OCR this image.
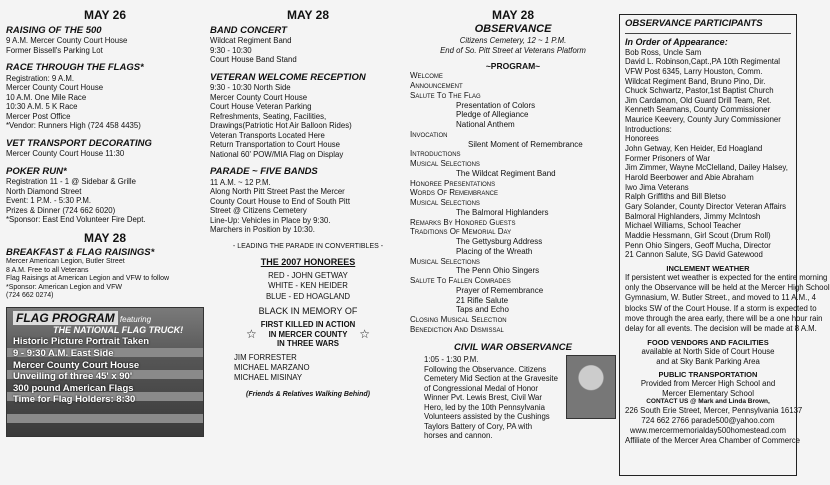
MAY 26
RAISING OF THE 500
9 A.M. Mercer County Court House
Former Bissell's Parking Lot
RACE THROUGH THE FLAGS*
Registration: 9 A.M.
Mercer County Court House
10 A.M. One Mile Race
10:30 A.M. 5 K Race
Mercer Post Office
*Vendor: Runners High (724 458 4435)
VET TRANSPORT DECORATING
Mercer County Court House 11:30
POKER RUN*
Registration 11 - 1 @ Sidebar & Grille
North Diamond Street
Event: 1 P.M. - 5:30 P.M.
Prizes & Dinner (724 662 6020)
*Sponsor: East End Volunteer Fire Dept.
MAY 28
BREAKFAST & FLAG RAISINGS*
Mercer American Legion, Butler Street
8 A.M. Free to all Veterans
Flag Raisings at American Legion and VFW to follow
*Sponsor: American Legion and VFW
(724 662 0274)
FLAG PROGRAM featuring
THE NATIONAL FLAG TRUCK!
Historic Picture Portrait Taken
9 - 9:30 A.M. East Side
Mercer County Court House
Unveiling of three 45' x 90'
300 pound American Flags
Time for Flag Holders: 8:30
MAY 28
BAND CONCERT
Wildcat Regiment Band
9:30 - 10:30
Court House Band Stand
VETERAN WELCOME RECEPTION
9:30 - 10:30 North Side
Mercer County Court House
Court House Veteran Parking
Refreshments, Seating, Facilities,
Drawings(Patriotic Hot Air Balloon Rides)
Veteran Transports Located Here
Return Transportation to Court House
National 60' POW/MIA Flag on Display
PARADE ~ FIVE BANDS
11 A.M. ~ 12 P.M.
Along North Pitt Street Past the Mercer
County Court House to End of South Pitt
Street @ Citizens Cemetery
Line-Up: Vehicles in Place by 9:30.
Marchers in Position by 10:30.
- LEADING THE PARADE IN CONVERTIBLES -
THE 2007 HONOREES
RED - JOHN GETWAY
WHITE - KEN HEIDER
BLUE - ED HOAGLAND
BLACK IN MEMORY OF
☆
FIRST KILLED IN ACTION
IN MERCER COUNTY
IN THREE WARS
☆
JIM FORRESTER
MICHAEL MARZANO
MICHAEL MISINAY
(Friends & Relatives Walking Behind)
MAY 28
OBSERVANCE
Citizens Cemetery, 12 ~ 1 P.M.
End of So. Pitt Street at Veterans Platform
~PROGRAM~
Welcome
Announcement
Salute To The Flag
Presentation of Colors
Pledge of Allegiance
National Anthem
Invocation
Silent Moment of Remembrance
Introductions
Musical Selections
The Wildcat Regiment Band
Honoree Presentations
Words Of Remembrance
Musical Selections
The Balmoral Highlanders
Remarks By Honored Guests
Traditions Of Memorial Day
The Gettysburg Address
Placing of the Wreath
Musical Selections
The Penn Ohio Singers
Salute To Fallen Comrades
Prayer of Remembrance
21 Rifle Salute
Taps and Echo
Closing Musical Selection
Benediction And Dismissal
CIVIL WAR OBSERVANCE
1:05 - 1:30 P.M.
Following the Observance. Citizens
Cemetery Mid Section at the Gravesite
of Congressional Medal of Honor
Winner Pvt. Lewis Brest, Civil War
Hero, led by the 10th Pennsylvania
Volunteers assisted by the Cushings
Taylors Battery of Cory, PA with
horses and cannon.
OBSERVANCE PARTICIPANTS
In Order of Appearance:
Bob Ross, Uncle Sam
David L. Robinson,Capt.,PA 10th Regimental
VFW Post 6345, Larry Houston, Comm.
Wildcat Regiment Band, Bruno Pino, Dir.
Chuck Schwartz, Pastor,1st Baptist Church
Jim Cardamon, Old Guard Drill Team, Ret.
Kenneth Seamans, County Commissioner
Maurice Keevery, County Jury Commissioner
Introductions:
Honorees
John Getway, Ken Heider, Ed Hoagland
Former Prisoners of War
Jim Zimmer, Wayne McClelland, Dailey Halsey,
Harold Beerbower and Abie Abraham
Iwo Jima Veterans
Ralph Griffiths and Bill Bletso
Gary Solander, County Director Veteran Affairs
Balmoral Highlanders, Jimmy McIntosh
Michael Williams, School Teacher
Maddie Hessmann, Girl Scout (Drum Roll)
Penn Ohio Singers, Geoff Mucha, Director
21 Cannon Salute, SG David Gatewood
INCLEMENT WEATHER
If persistent wet weather is expected for the entire morning
only the Observance will be held at the Mercer High School
Gymnasium, W. Butler Street., and moved to 11 A.M., 4
blocks SW of the Court House. If a storm is expected to
move through the area early, there will be a one hour rain
delay for all events. The decision will be made at 8 A.M.
FOOD VENDORS AND FACILITIES
available at North Side of Court House
and at Sky Bank Parking Area
PUBLIC TRANSPORTATION
Provided from Mercer High School and
Mercer Elementary School
CONTACT US @ Mark and Linda Brown,
226 South Erie Street, Mercer, Pennsylvania 16137
724 662 2766 parade500@yahoo.com
www.mercermemorialday500homestead.com
Affiliate of the Mercer Area Chamber of Commerce
